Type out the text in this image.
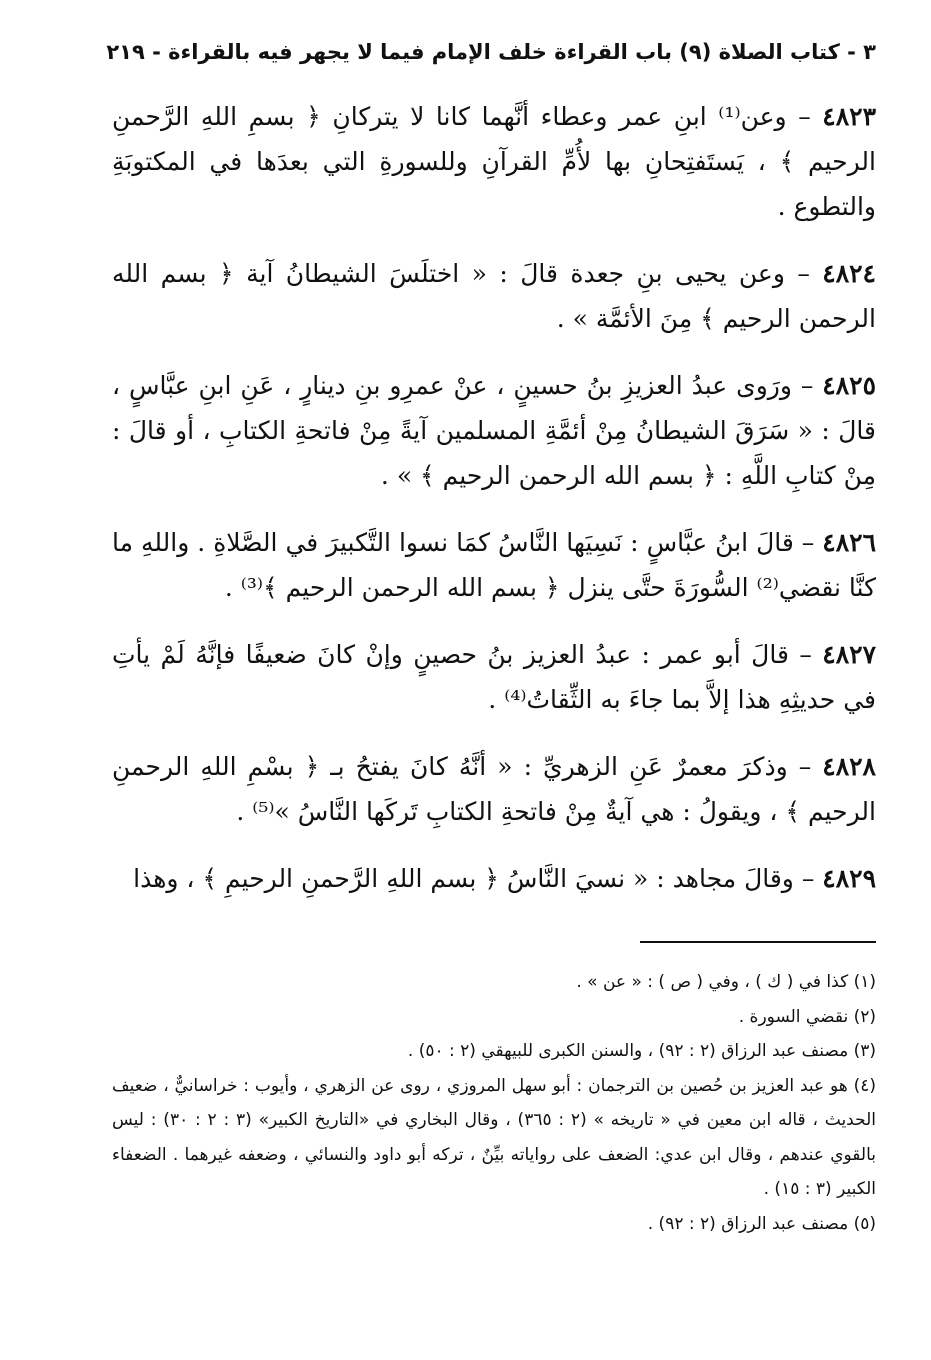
٣ - كتاب الصلاة (٩) باب القراءة خلف الإمام فيما لا يجهر فيه بالقراءة - ٢١٩

٤٨٢٣ – وعن⁽¹⁾ ابنِ عمر وعطاء أنَّهما كانا لا يتركانِ ﴿ بسمِ اللهِ الرَّحمنِ الرحيم ﴾ ، يَستَفتِحانِ بها لأُمِّ القرآنِ وللسورةِ التي بعدَها في المكتوبَةِ والتطوع .

٤٨٢٤ – وعن يحيى بنِ جعدة قالَ : « اختلَسَ الشيطانُ آية ﴿ بسم الله الرحمن الرحيم ﴾ مِنَ الأئمَّة » .

٤٨٢٥ – ورَوى عبدُ العزيزِ بنُ حسينٍ ، عنْ عمرِو بنِ دينارٍ ، عَنِ ابنِ عبَّاسٍ ، قالَ : « سَرَقَ الشيطانُ مِنْ أئمَّةِ المسلمين آيةً مِنْ فاتحةِ الكتابِ ، أو قالَ : مِنْ كتابِ اللَّهِ : ﴿ بسم الله الرحمن الرحيم ﴾ » .

٤٨٢٦ – قالَ ابنُ عبَّاسٍ : نَسِيَها النَّاسُ كمَا نسوا التَّكبيرَ في الصَّلاةِ . واللهِ ما كنَّا نقضي⁽²⁾ السُّورَةَ حتَّى ينزل ﴿ بسم الله الرحمن الرحيم ﴾⁽³⁾ .

٤٨٢٧ – قالَ أبو عمر : عبدُ العزيز بنُ حصينٍ وإنْ كانَ ضعيفًا فإنَّهُ لَمْ يأتِ في حديثِهِ هذا إلاَّ بما جاءَ به الثِّقاتُ⁽⁴⁾ .

٤٨٢٨ – وذكرَ معمرٌ عَنِ الزهريِّ : « أنَّهُ كانَ يفتحُ بـ ﴿ بسْمِ اللهِ الرحمنِ الرحيم ﴾ ، ويقولُ : هي آيةٌ مِنْ فاتحةِ الكتابِ تَركَها النَّاسُ »⁽⁵⁾ .

٤٨٢٩ – وقالَ مجاهد : « نسيَ النَّاسُ ﴿ بسم اللهِ الرَّحمنِ الرحيمِ ﴾ ، وهذا

(١) كذا في ( ك ) ، وفي ( ص ) : « عن » .

(٢) نقضي السورة .

(٣) مصنف عبد الرزاق (٢ : ٩٢) ، والسنن الكبرى للبيهقي (٢ : ٥٠) .

(٤) هو عبد العزيز بن حُصين بن الترجمان : أبو سهل المروزي ، روى عن الزهري ، وأيوب : خراسانيٌّ ، ضعيف الحديث ، قاله ابن معين في « تاريخه » (٢ : ٣٦٥) ، وقال البخاري في «التاريخ الكبير» (٣ : ٢ : ٣٠) : ليس بالقوي عندهم ، وقال ابن عدي: الضعف على رواياته بيِّنٌ ، تركه أبو داود والنسائي ، وضعفه غيرهما . الضعفاء الكبير (٣ : ١٥) .

(٥) مصنف عبد الرزاق (٢ : ٩٢) .
